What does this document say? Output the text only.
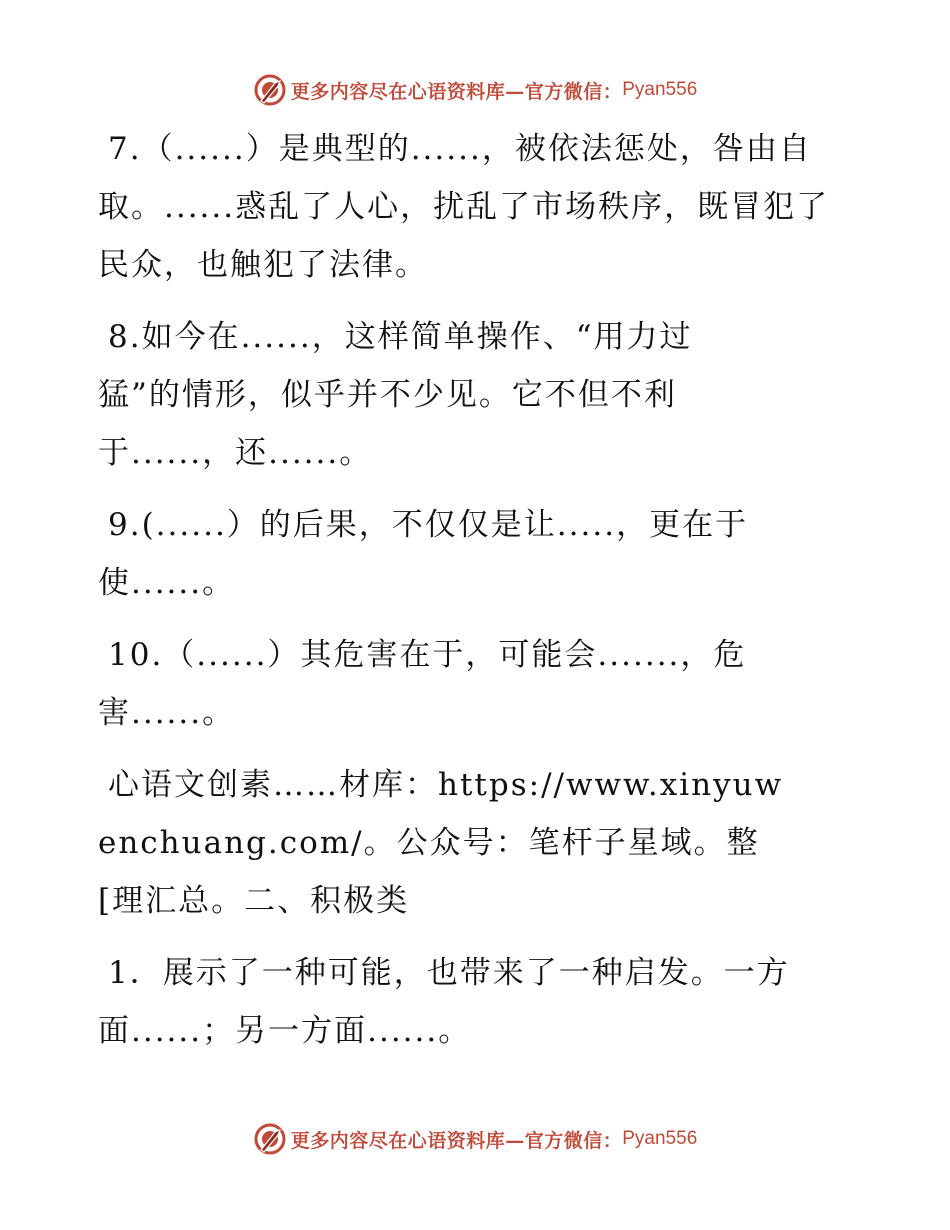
更多内容尽在心语资料库—官方微信： Pyan556

7.（......）是典型的......，被依法惩处，咎由自取。......惑乱了人心，扰乱了市场秩序，既冒犯了民众，也触犯了法律。

8.如今在......，这样简单操作、“用力过猛”的情形，似乎并不少见。它不但不利于......，还......。

9.(......）的后果，不仅仅是让.....，更在于使......。

10.（......）其危害在于，可能会.......，危害......。

心语文创素……材库：https://www.xinyuwenchuang.com/。公众号：笔杆子星域。整[理汇总。二、积极类

1．展示了一种可能，也带来了一种启发。一方面......；另一方面......。

更多内容尽在心语资料库—官方微信： Pyan556
